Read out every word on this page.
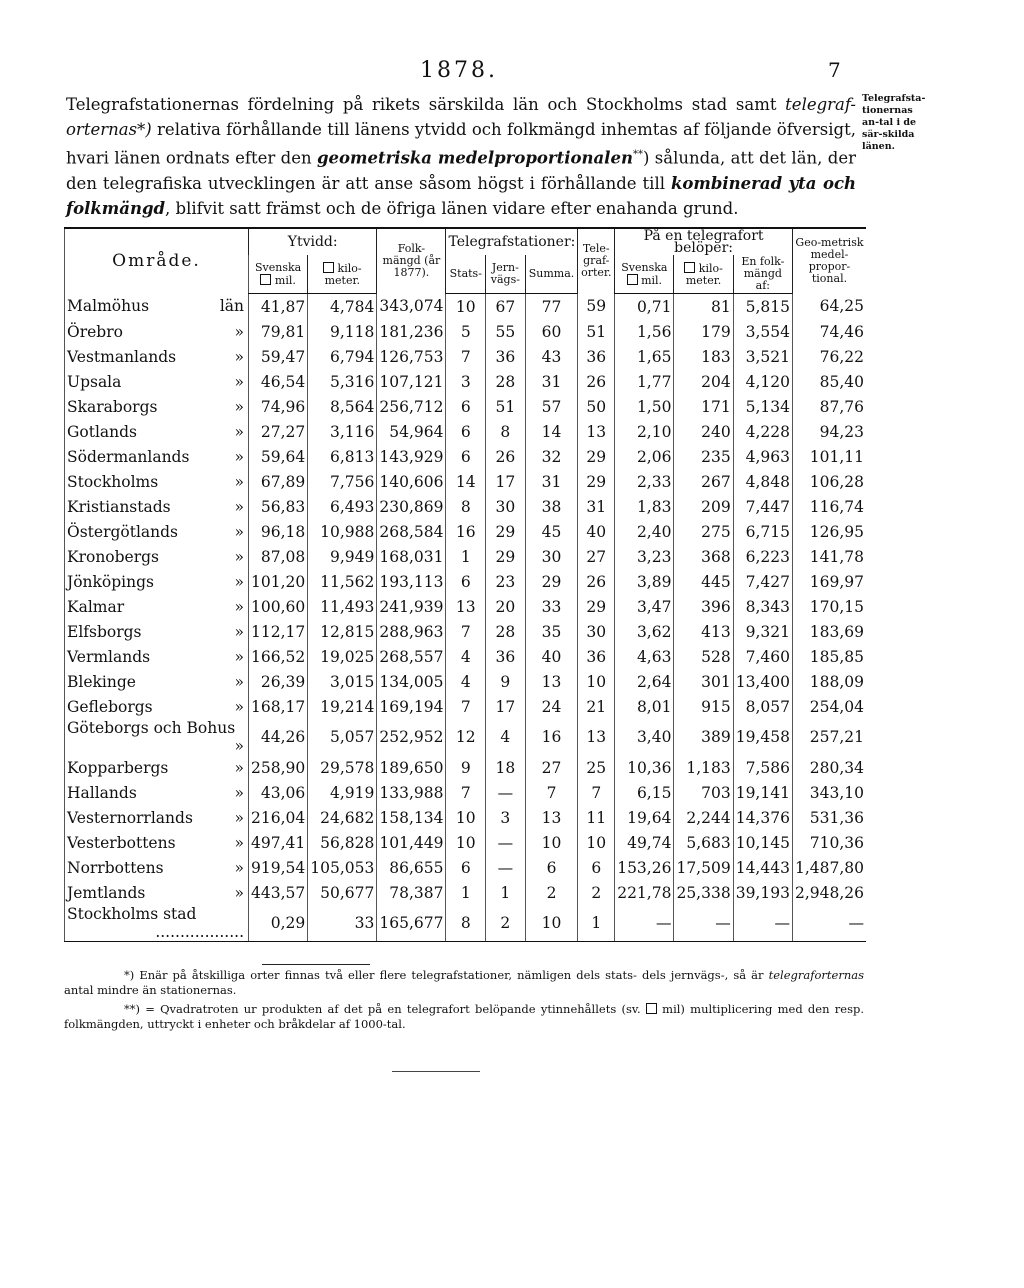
1878.	7
Telegrafsta-tionernas an-tal i de sär-skilda länen.
Telegrafstationernas fördelning på rikets särskilda län och Stockholms stad samt telegraf-orternas*) relativa förhållande till länens ytvidd och folkmängd inhemtas af följande öfversigt, hvari länen ordnats efter den geometriska medelproportionalen**) sålunda, att det län, der den telegrafiska utvecklingen är att anse såsom högst i förhållande till kombinerad yta och folkmängd, blifvit satt främst och de öfriga länen vidare efter enahanda grund.
Område.	Ytvidd:		Folk-mängd (år 1877).	Telegrafstationer:			Tele-graf-orter.	På en telegrafort belöper:			Geo-metrisk medel-propor-tional.
	Svenska
mil.	kilo-meter.		Stats-	Jern-vägs-	Summa.		Svenska
mil.	kilo-meter.	En folk-mängd af:	
Malmöhus län	41,87	4,784	343,074	10	67	77	59	0,71	81	5,815	64,25
Örebro »	79,81	9,118	181,236	5	55	60	51	1,56	179	3,554	74,46
Vestmanlands »	59,47	6,794	126,753	7	36	43	36	1,65	183	3,521	76,22
Upsala »	46,54	5,316	107,121	3	28	31	26	1,77	204	4,120	85,40
Skaraborgs »	74,96	8,564	256,712	6	51	57	50	1,50	171	5,134	87,76
Gotlands »	27,27	3,116	54,964	6	8	14	13	2,10	240	4,228	94,23
Södermanlands »	59,64	6,813	143,929	6	26	32	29	2,06	235	4,963	101,11
Stockholms »	67,89	7,756	140,606	14	17	31	29	2,33	267	4,848	106,28
Kristianstads »	56,83	6,493	230,869	8	30	38	31	1,83	209	7,447	116,74
Östergötlands »	96,18	10,988	268,584	16	29	45	40	2,40	275	6,715	126,95
Kronobergs »	87,08	9,949	168,031	1	29	30	27	3,23	368	6,223	141,78
Jönköpings »	101,20	11,562	193,113	6	23	29	26	3,89	445	7,427	169,97
Kalmar »	100,60	11,493	241,939	13	20	33	29	3,47	396	8,343	170,15
Elfsborgs »	112,17	12,815	288,963	7	28	35	30	3,62	413	9,321	183,69
Vermlands »	166,52	19,025	268,557	4	36	40	36	4,63	528	7,460	185,85
Blekinge »	26,39	3,015	134,005	4	9	13	10	2,64	301	13,400	188,09
Gefleborgs »	168,17	19,214	169,194	7	17	24	21	8,01	915	8,057	254,04
Göteborgs och Bohus
»	44,26	5,057	252,952	12	4	16	13	3,40	389	19,458	257,21
Kopparbergs »	258,90	29,578	189,650	9	18	27	25	10,36	1,183	7,586	280,34
Hallands »	43,06	4,919	133,988	7	—	7	7	6,15	703	19,141	343,10
Vesternorrlands »	216,04	24,682	158,134	10	3	13	11	19,64	2,244	14,376	531,36
Vesterbottens »	497,41	56,828	101,449	10	—	10	10	49,74	5,683	10,145	710,36
Norrbottens »	919,54	105,053	86,655	6	—	6	6	153,26	17,509	14,443	1,487,80
Jemtlands »	443,57	50,677	78,387	1	1	2	2	221,78	25,338	39,193	2,948,26
Stockholms stad
..................	0,29	33	165,677	8	2	10	1	—	—	—	—
*) Enär på åtskilliga orter finnas två eller flere telegrafstationer, nämligen dels stats- dels jernvägs-, så är telegraforternas antal mindre än stationernas.
**) = Qvadratroten ur produkten af det på en telegrafort belöpande ytinnehållets (sv.  mil) multiplicering med den resp. folkmängden, uttryckt i enheter och bråkdelar af 1000-tal.
